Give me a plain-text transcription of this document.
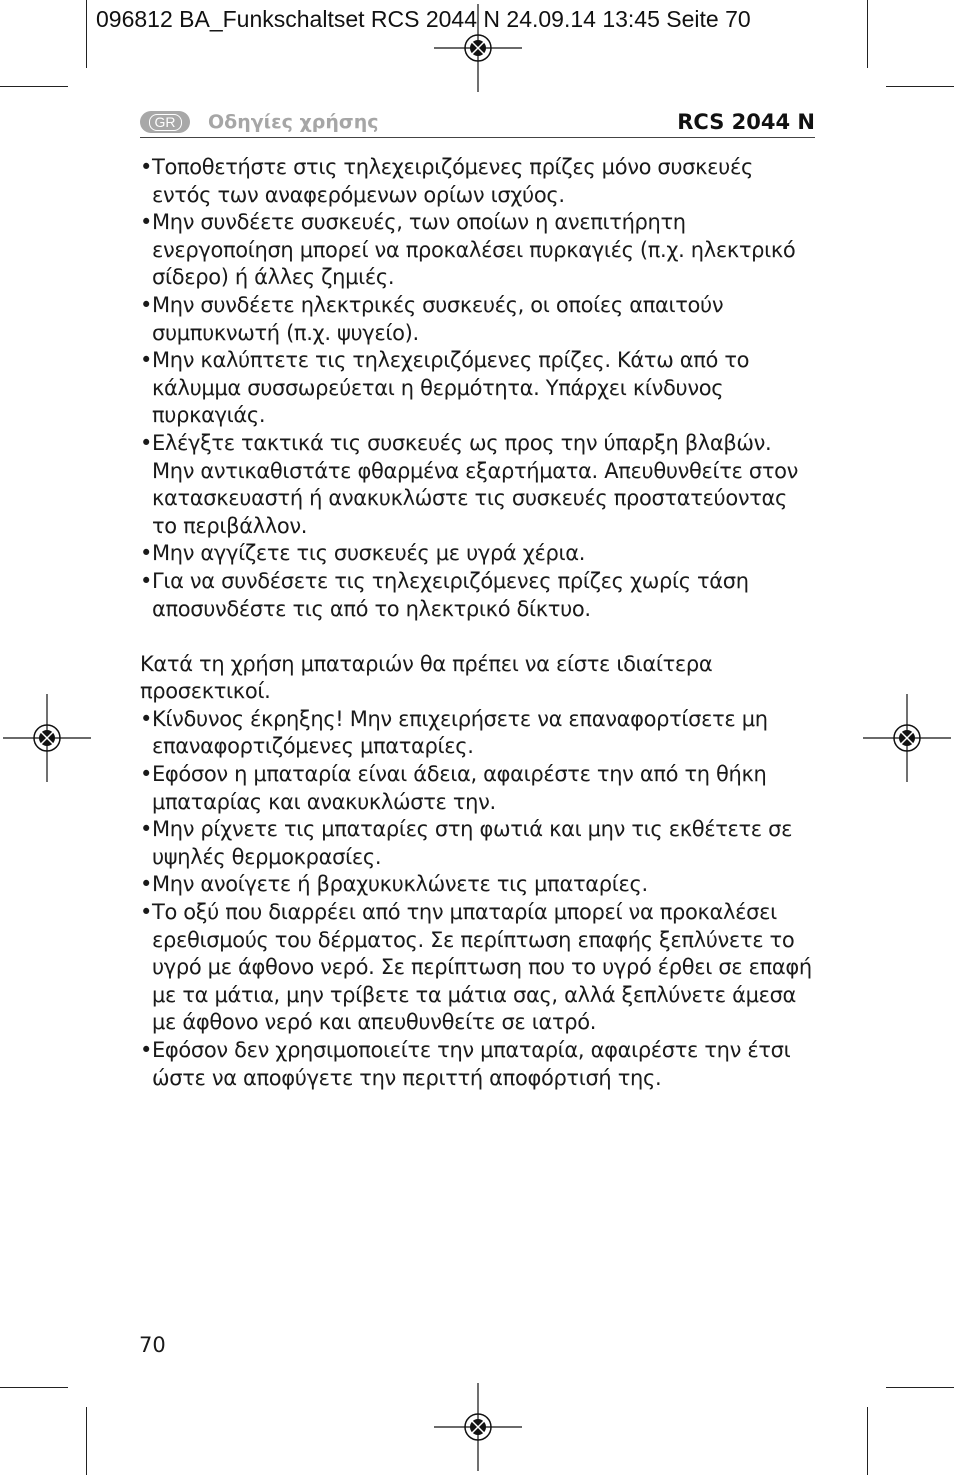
096812 BA_Funkschaltset RCS 2044 N 24.09.14 13:45 Seite 70
GR	Οδηγίες χρήσης	RCS 2044 N
• Τοποθετήστε στις τηλεχειριζόμενες πρίζες μόνο συσκευές εντός των αναφερόμενων ορίων ισχύος.
• Μην συνδέετε συσκευές, των οποίων η ανεπιτήρητη ενεργοποίηση μπορεί να προκαλέσει πυρκαγιές (π.χ. ηλεκτρικό σίδερο) ή άλλες ζημιές.
• Μην συνδέετε ηλεκτρικές συσκευές, οι οποίες απαιτούν συμπυκνωτή (π.χ. ψυγείο).
• Μην καλύπτετε τις τηλεχειριζόμενες πρίζες. Κάτω από το κάλυμμα συσσωρεύεται η θερμότητα. Υπάρχει κίνδυνος πυρκαγιάς.
• Ελέγξτε τακτικά τις συσκευές ως προς την ύπαρξη βλαβών. Μην αντικαθιστάτε φθαρμένα εξαρτήματα. Απευθυνθείτε στον κατασκευαστή ή ανακυκλώστε τις συσκευές προστατεύοντας το περιβάλλον.
• Μην αγγίζετε τις συσκευές με υγρά χέρια.
• Για να συνδέσετε τις τηλεχειριζόμενες πρίζες χωρίς τάση αποσυνδέστε τις από το ηλεκτρικό δίκτυο.

Κατά τη χρήση μπαταριών θα πρέπει να είστε ιδιαίτερα προσεκτικοί.

• Κίνδυνος έκρηξης! Μην επιχειρήσετε να επαναφορτίσετε μη επαναφορτιζόμενες μπαταρίες.
• Εφόσον η μπαταρία είναι άδεια, αφαιρέστε την από τη θήκη μπαταρίας και ανακυκλώστε την.
• Μην ρίχνετε τις μπαταρίες στη φωτιά και μην τις εκθέτετε σε υψηλές θερμοκρασίες.
• Μην ανοίγετε ή βραχυκυκλώνετε τις μπαταρίες.
• Το οξύ που διαρρέει από την μπαταρία μπορεί να προκαλέσει ερεθισμούς του δέρματος. Σε περίπτωση επαφής ξεπλύνετε το υγρό με άφθονο νερό. Σε περίπτωση που το υγρό έρθει σε επαφή με τα μάτια, μην τρίβετε τα μάτια σας, αλλά ξεπλύνετε άμεσα με άφθονο νερό και απευθυνθείτε σε ιατρό.
• Εφόσον δεν χρησιμοποιείτε την μπαταρία, αφαιρέστε την έτσι ώστε να αποφύγετε την περιττή αποφόρτισή της.
70
